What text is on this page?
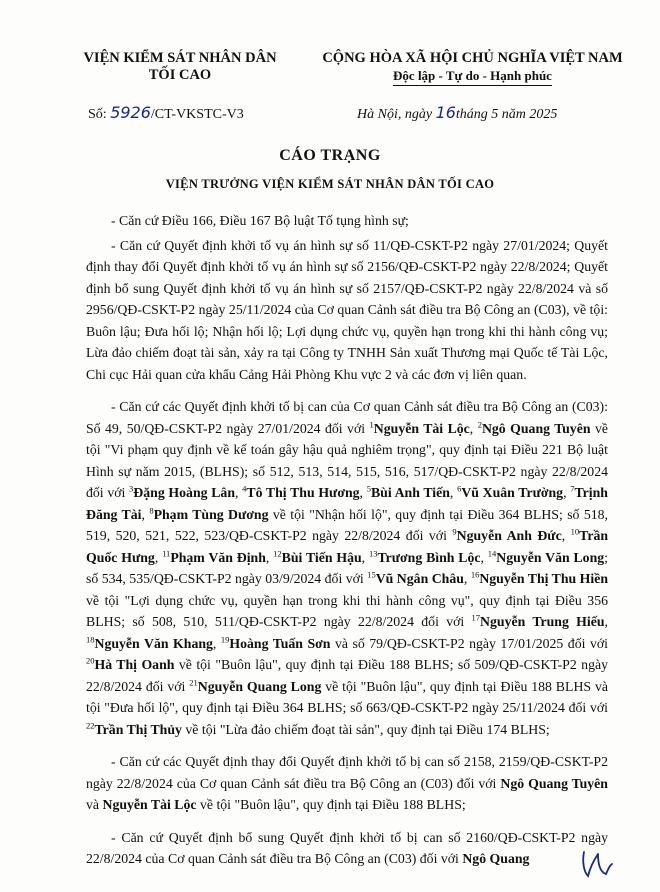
VIỆN KIỂM SÁT NHÂN DÂN

TỐI CAO

CỘNG HÒA XÃ HỘI CHỦ NGHĨA VIỆT NAM

Độc lập - Tự do - Hạnh phúc

Số: 5926/CT-VKSTC-V3	Hà Nội, ngày 16tháng 5 năm 2025
CÁO TRẠNG
VIỆN TRƯỞNG VIỆN KIỂM SÁT NHÂN DÂN TỐI CAO

- Căn cứ Điều 166, Điều 167 Bộ luật Tố tụng hình sự;

- Căn cứ Quyết định khởi tố vụ án hình sự số 11/QĐ-CSKT-P2 ngày 27/01/2024; Quyết định thay đổi Quyết định khởi tố vụ án hình sự số 2156/QĐ-CSKT-P2 ngày 22/8/2024; Quyết định bổ sung Quyết định khởi tố vụ án hình sự số 2157/QĐ-CSKT-P2 ngày 22/8/2024 và số 2956/QĐ-CSKT-P2 ngày 25/11/2024 của Cơ quan Cảnh sát điều tra Bộ Công an (C03), về tội: Buôn lậu; Đưa hối lộ; Nhận hối lộ; Lợi dụng chức vụ, quyền hạn trong khi thi hành công vụ; Lừa đảo chiếm đoạt tài sản, xảy ra tại Công ty TNHH Sản xuất Thương mại Quốc tế Tài Lộc, Chi cục Hải quan cửa khẩu Cảng Hải Phòng Khu vực 2 và các đơn vị liên quan.

- Căn cứ các Quyết định khởi tố bị can của Cơ quan Cảnh sát điều tra Bộ Công an (C03): Số 49, 50/QĐ-CSKT-P2 ngày 27/01/2024 đối với $^1$Nguyễn Tài Lộc, $^2$Ngô Quang Tuyên về tội "Vi phạm quy định về kế toán gây hậu quả nghiêm trọng", quy định tại Điều 221 Bộ luật Hình sự năm 2015, (BLHS); số 512, 513, 514, 515, 516, 517/QĐ-CSKT-P2 ngày 22/8/2024 đối với $^3$Đặng Hoàng Lân, $^4$Tô Thị Thu Hương, $^5$Bùi Anh Tiến, $^6$Vũ Xuân Trường, $^7$Trịnh Đăng Tài, $^8$Phạm Tùng Dương về tội "Nhận hối lộ", quy định tại Điều 364 BLHS; số 518, 519, 520, 521, 522, 523/QĐ-CSKT-P2 ngày 22/8/2024 đối với $^9$Nguyễn Anh Đức, $^{10}$Trần Quốc Hưng, $^{11}$Phạm Văn Định, $^{12}$Bùi Tiến Hậu, $^{13}$Trương Bình Lộc, $^{14}$Nguyễn Văn Long; số 534, 535/QĐ-CSKT-P2 ngày 03/9/2024 đối với $^{15}$Vũ Ngân Châu, $^{16}$Nguyễn Thị Thu Hiền về tội "Lợi dụng chức vụ, quyền hạn trong khi thi hành công vụ", quy định tại Điều 356 BLHS; số 508, 510, 511/QĐ-CSKT-P2 ngày 22/8/2024 đối với $^{17}$Nguyễn Trung Hiếu, $^{18}$Nguyễn Văn Khang, $^{19}$Hoàng Tuấn Sơn và số 79/QĐ-CSKT-P2 ngày 17/01/2025 đối với $^{20}$Hà Thị Oanh về tội "Buôn lậu", quy định tại Điều 188 BLHS; số 509/QĐ-CSKT-P2 ngày 22/8/2024 đối với $^{21}$Nguyễn Quang Long về tội "Buôn lậu", quy định tại Điều 188 BLHS và tội "Đưa hối lộ", quy định tại Điều 364 BLHS; số 663/QĐ-CSKT-P2 ngày 25/11/2024 đối với $^{22}$Trần Thị Thủy về tội "Lừa đảo chiếm đoạt tài sản", quy định tại Điều 174 BLHS;

- Căn cứ các Quyết định thay đổi Quyết định khởi tố bị can số 2158, 2159/QĐ-CSKT-P2 ngày 22/8/2024 của Cơ quan Cảnh sát điều tra Bộ Công an (C03) đối với Ngô Quang Tuyên và Nguyễn Tài Lộc về tội "Buôn lậu", quy định tại Điều 188 BLHS;

- Căn cứ Quyết định bổ sung Quyết định khởi tố bị can số 2160/QĐ-CSKT-P2 ngày 22/8/2024 của Cơ quan Cảnh sát điều tra Bộ Công an (C03) đối với Ngô Quang
